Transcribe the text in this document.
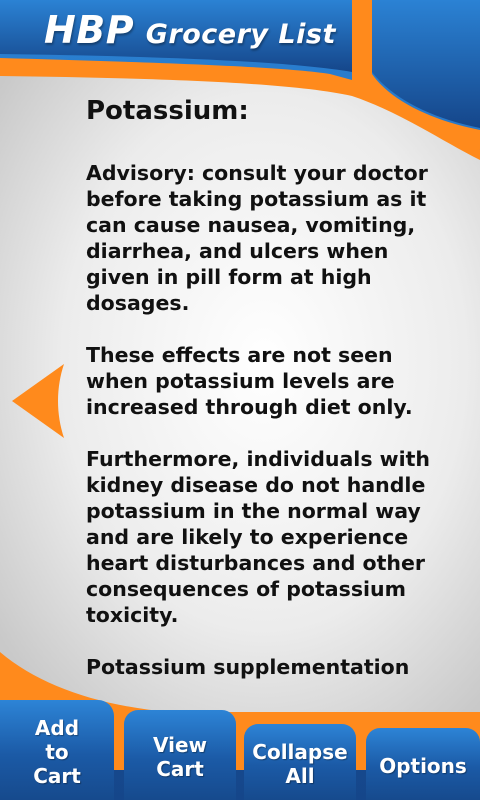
HBP Grocery List
Potassium:

Advisory: consult your doctor before taking potassium as it can cause nausea, vomiting, diarrhea, and ulcers when given in pill form at high dosages.

These effects are not seen when potassium levels are increased through diet only.

Furthermore, individuals with kidney disease do not handle potassium in the normal way and are likely to experience heart disturbances and other consequences of potassium toxicity.

Potassium supplementation

Add
to
Cart
View
Cart
Collapse
All	Options
